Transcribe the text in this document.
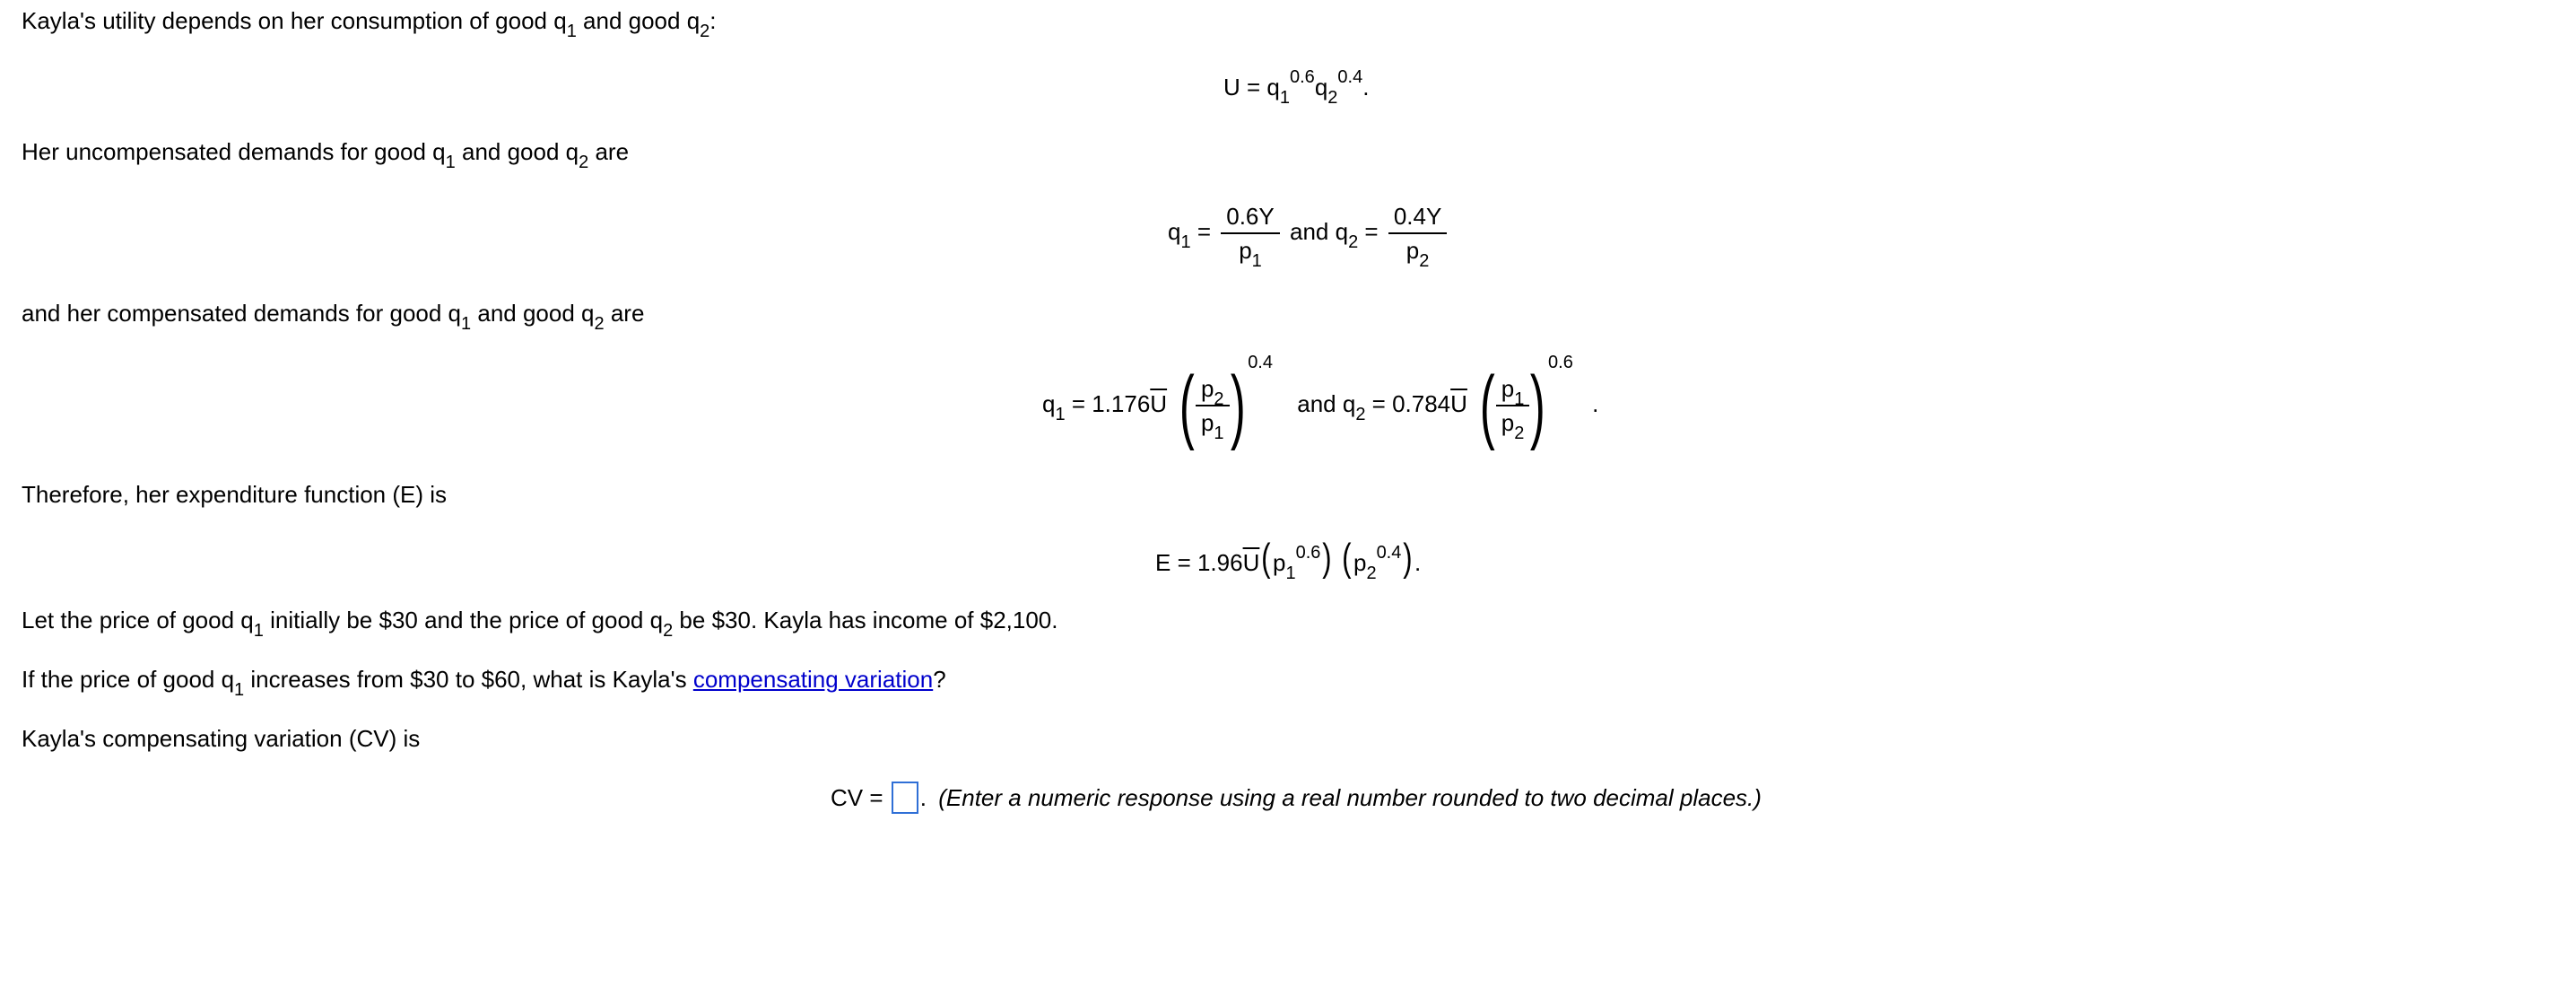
Kayla's utility depends on her consumption of good $q_1$ and good $q_2$:
$U = q_1^{0.6}q_2^{0.4}$.
Her uncompensated demands for good $q_1$ and good $q_2$ are
$q_1 = \frac{0.6Y}{p_1}$ and $q_2 = \frac{0.4Y}{p_2}$
and her compensated demands for good $q_1$ and good $q_2$ are
$q_1 = 1.176\overline{U}$ ( $\frac{p_2}{p_1}$ ) 0.4
and $q_2 = 0.784\overline{U}$ ( $\frac{p_1}{p_2}$ ) 0.6
.
Therefore, her expenditure function (E) is
$E = 1.96\overline{U}(p_1^{0.6})$ $(p_2^{0.4})$.
Let the price of good $q_1$ initially be $30 and the price of good $q_2$ be $30. Kayla has income of $2,100.
If the price of good $q_1$ increases from $30 to $60, what is Kayla's compensating variation?
Kayla's compensating variation (CV) is
CV = . (Enter a numeric response using a real number rounded to two decimal places.)
